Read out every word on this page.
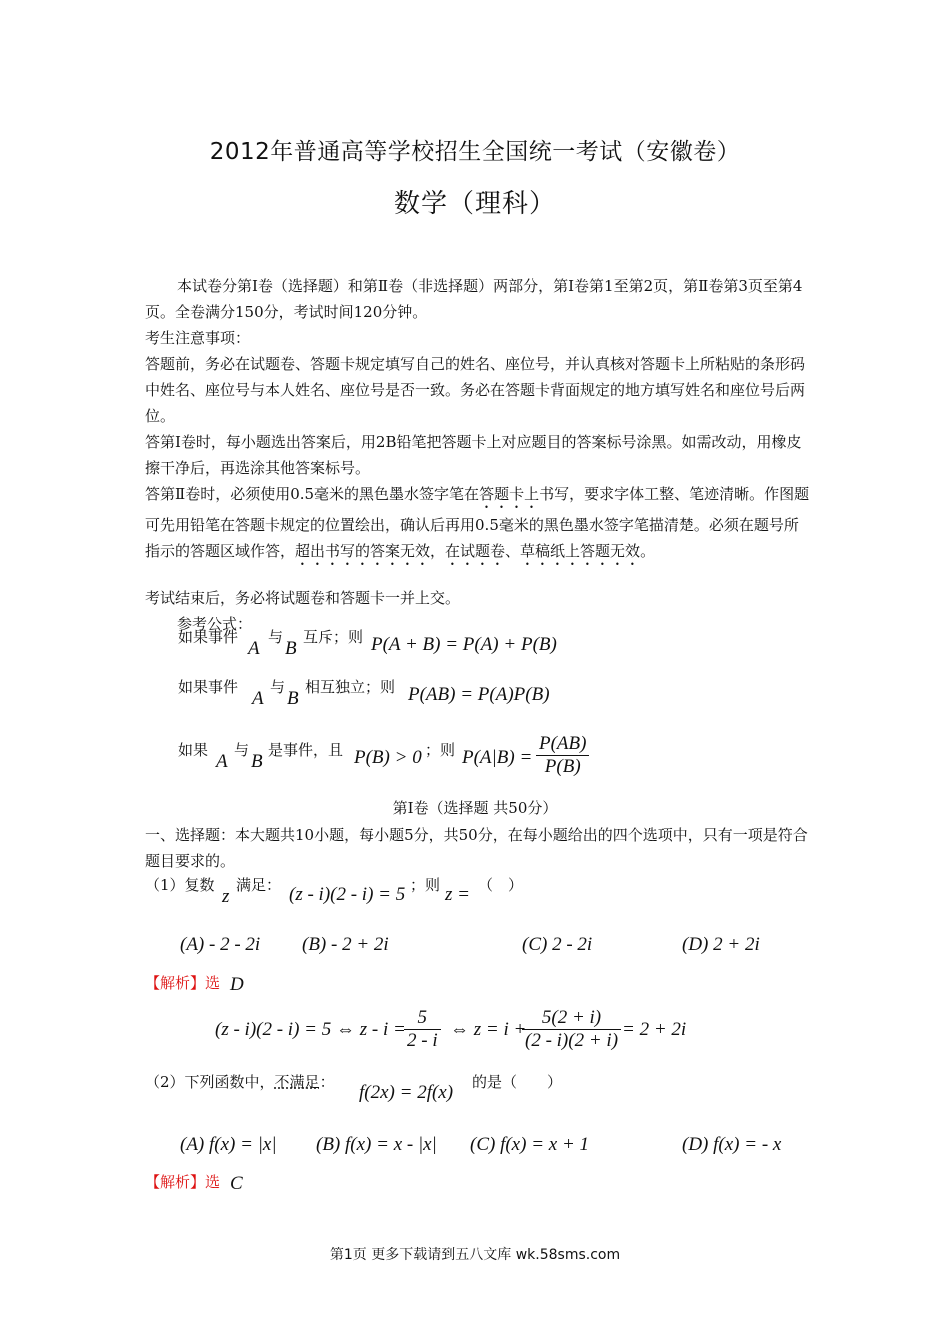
2012年普通高等学校招生全国统一考试（安徽卷）
数学（理科）
本试卷分第Ⅰ卷（选择题）和第Ⅱ卷（非选择题）两部分，第Ⅰ卷第1至第2页，第Ⅱ卷第3页至第4页。全卷满分150分，考试时间120分钟。
考生注意事项：
答题前，务必在试题卷、答题卡规定填写自己的姓名、座位号，并认真核对答题卡上所粘贴的条形码中姓名、座位号与本人姓名、座位号是否一致。务必在答题卡背面规定的地方填写姓名和座位号后两位。
答第Ⅰ卷时，每小题选出答案后，用2B铅笔把答题卡上对应题目的答案标号涂黑。如需改动，用橡皮擦干净后，再选涂其他答案标号。
答第Ⅱ卷时，必须使用0.5毫米的黑色墨水签字笔在答题卡上书写，要求字体工整、笔迹清晰。作图题可先用铅笔在答题卡规定的位置绘出，确认后再用0.5毫米的黑色墨水签字笔描清楚。必须在题号所指示的答题区域作答，超出书写的答案无效，在试题卷、草稿纸上答题无效。
考试结束后，务必将试题卷和答题卡一并上交。
参考公式：
如果事件
A
与
B
互斥；则 P(A + B) = P(A) + P(B)
如果事件
A
与
B
相互独立；则 P(AB) = P(A)P(B)
如果
A
与
B
是事件，且 P(B) > 0 ；则 $P(A|B) = \frac{P(AB)}{P(B)}$
第Ⅰ卷（选择题 共50分）
一、选择题：本大题共10小题，每小题5分，共50分，在每小题给出的四个选项中，只有一项是符合题目要求的。
（1）复数
z
满足： (z - i)(2 - i) = 5 ；则 z = （　）
(A) - 2 - 2i (B) - 2 + 2i	(C) 2 - 2i	(D) 2 + 2i
【解析】选 D
(z - i)(2 - i) = 5 ⇔ z - i =
$\frac{5}{2 - i}$ ⇔ z = i +
$\frac{5(2 + i)}{(2 - i)(2 + i)} = 2 + 2i$
（2）下列函数中，不满足： f(2x) = 2f(x) 的是（　　）
(A) f(x) = |x| (B) f(x) = x - |x| (C) f(x) = x + 1	(D) f(x) = - x
【解析】选 C
第1页 更多下载请到五八文库 wk.58sms.com
